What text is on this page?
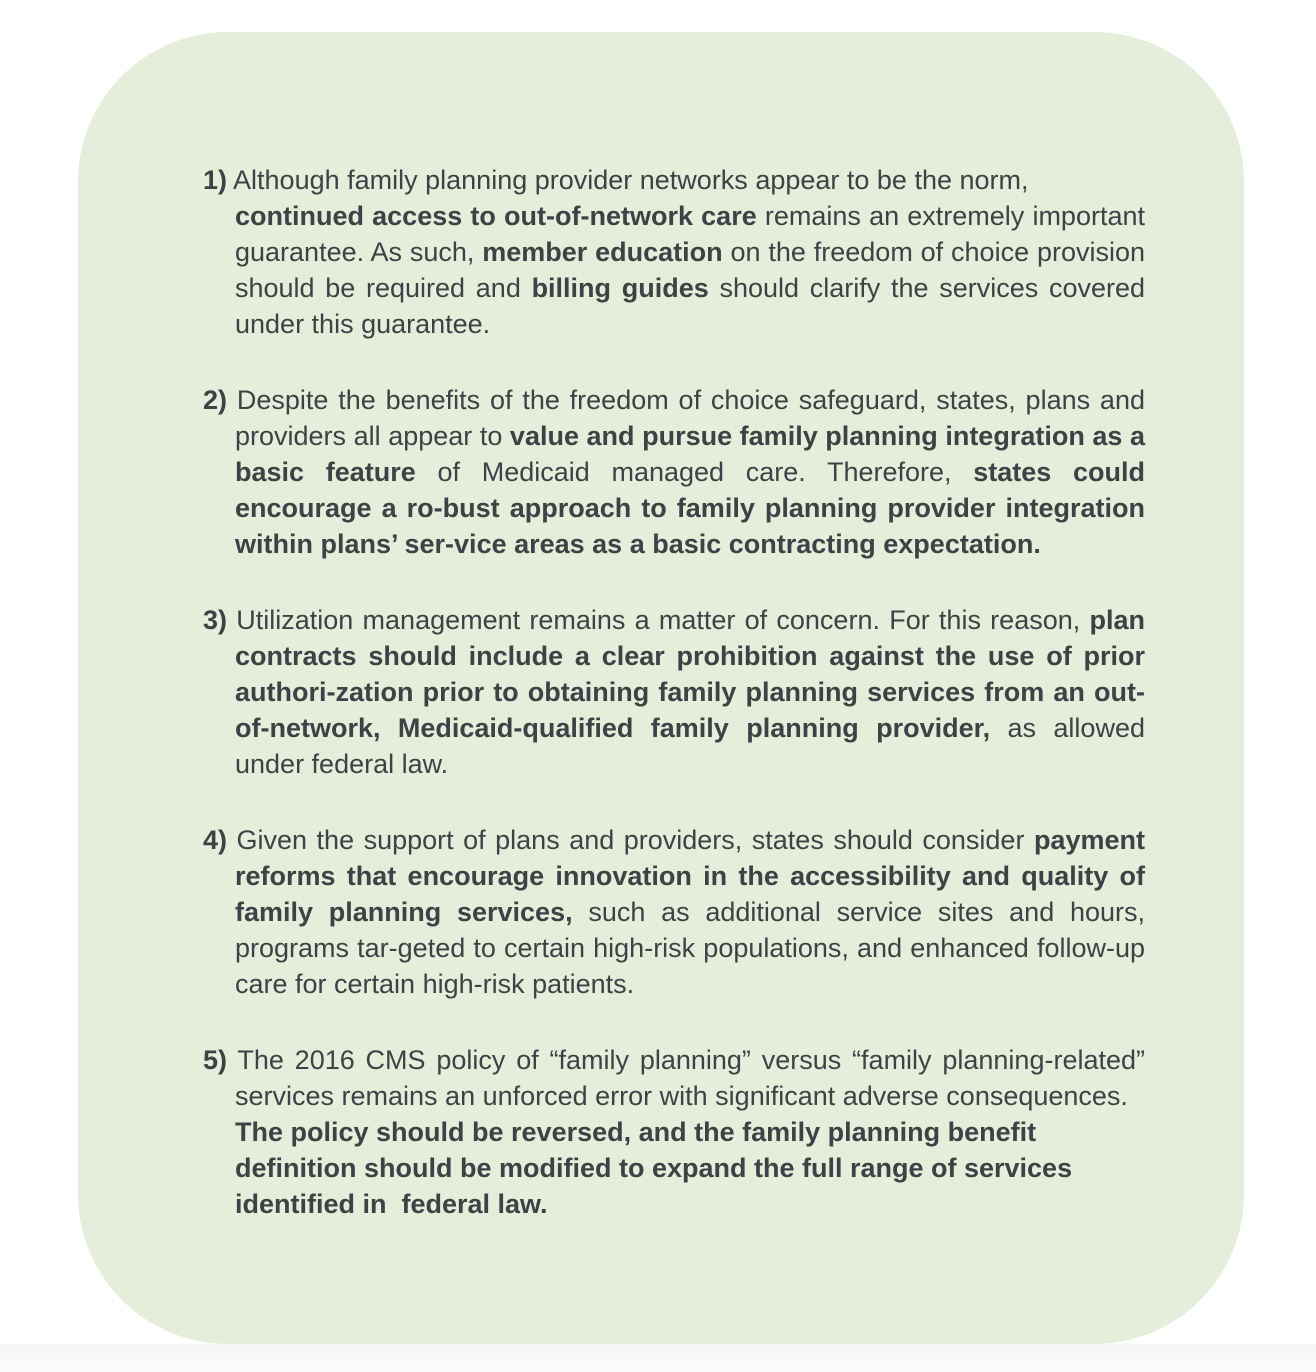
1) Although family planning provider networks appear to be the norm,
continued access to out-of-network care remains an extremely important guarantee. As such, member education on the freedom of choice provision should be required and billing guides should clarify the services covered under this guarantee.
2) Despite the benefits of the freedom of choice safeguard, states, plans and providers all appear to value and pursue family planning integration as a basic feature of Medicaid managed care. Therefore, states could encourage a ro-bust approach to family planning provider integration within plans’ ser-vice areas as a basic contracting expectation.
3) Utilization management remains a matter of concern. For this reason, plan contracts should include a clear prohibition against the use of prior authori-zation prior to obtaining family planning services from an out-of-network, Medicaid-qualified family planning provider, as allowed under federal law.
4) Given the support of plans and providers, states should consider payment reforms that encourage innovation in the accessibility and quality of family planning services, such as additional service sites and hours, programs tar-geted to certain high-risk populations, and enhanced follow-up care for certain high-risk patients.
5) The 2016 CMS policy of “family planning” versus “family planning-related” services remains an unforced error with significant adverse consequences.
The policy should be reversed, and the family planning benefit
definition should be modified to expand the full range of services
identified in  federal law.
